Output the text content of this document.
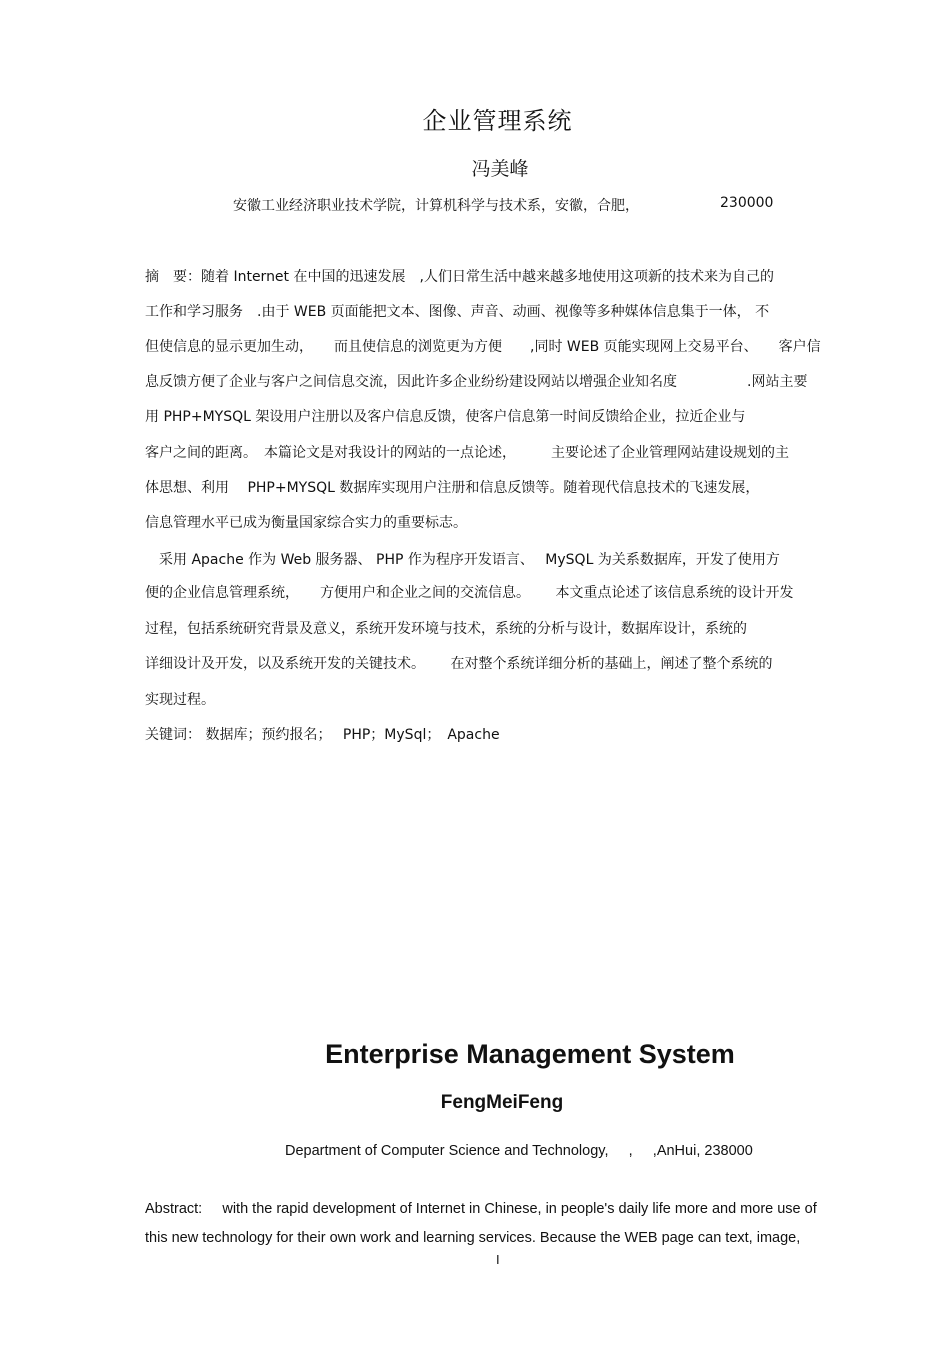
企业管理系统
冯美峰
安徽工业经济职业技术学院，计算机科学与技术系，安徽，合肥，	230000
摘　要：随着 Internet 在中国的迅速发展　,人们日常生活中越来越多地使用这项新的技术来为自己的
工作和学习服务　.由于 WEB 页面能把文本、图像、声音、动画、视像等多种媒体信息集于一体， 不
但使信息的显示更加生动，　　而且使信息的浏览更为方便　　,同时 WEB 页能实现网上交易平台、　　客户信
息反馈方便了企业与客户之间信息交流，因此许多企业纷纷建设网站以增强企业知名度　　　　　.网站主要
用 PHP+MYSQL 架设用户注册以及客户信息反馈，使客户信息第一时间反馈给企业，拉近企业与
客户之间的距离。　本篇论文是对我设计的网站的一点论述，　　　主要论述了企业管理网站建设规划的主
体思想、利用　 PHP+MYSQL 数据库实现用户注册和信息反馈等。随着现代信息技术的飞速发展，
信息管理水平已成为衡量国家综合实力的重要标志。
　采用 Apache 作为 Web 服务器、 PHP 作为程序开发语言、　 MySQL 为关系数据库，开发了使用方
便的企业信息管理系统，　　方便用户和企业之间的交流信息。　　 本文重点论述了该信息系统的设计开发
过程，包括系统研究背景及意义，系统开发环境与技术，系统的分析与设计，数据库设计，系统的
详细设计及开发，以及系统开发的关键技术。　　 在对整个系统详细分析的基础上，阐述了整个系统的
实现过程。
关键词： 数据库；预约报名；　 PHP；MySql；　Apache
Enterprise Management System
FengMeiFeng
Department of Computer Science and Technology,     ,     ,AnHui, 238000
Abstract:     with the rapid development of Internet in Chinese, in people's daily life more and more use of
this new technology for their own work and learning services. Because the WEB page can text, image,
I
